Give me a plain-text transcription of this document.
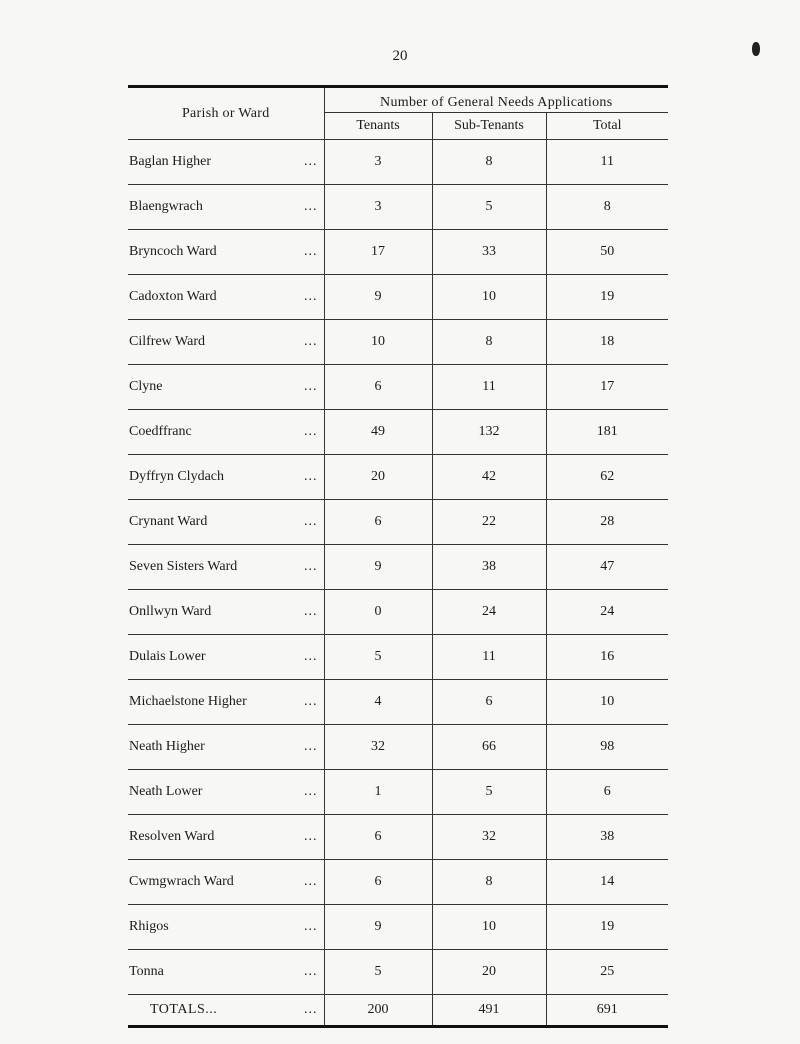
20
Parish or Ward	Number of General Needs Applications		
	Tenants	Sub-Tenants	Total
Baglan Higher ...	3	8	11
Blaengwrach ...	3	5	8
Bryncoch Ward ...	17	33	50
Cadoxton Ward ...	9	10	19
Cilfrew Ward ...	10	8	18
Clyne ...	6	11	17
Coedffranc ...	49	132	181
Dyffryn Clydach ...	20	42	62
Crynant Ward ...	6	22	28
Seven Sisters Ward ...	9	38	47
Onllwyn Ward ...	0	24	24
Dulais Lower ...	5	11	16
Michaelstone Higher ...	4	6	10
Neath Higher ...	32	66	98
Neath Lower ...	1	5	6
Resolven Ward ...	6	32	38
Cwmgwrach Ward ...	6	8	14
Rhigos ...	9	10	19
Tonna ...	5	20	25
TOTALS... ...	200	491	691
